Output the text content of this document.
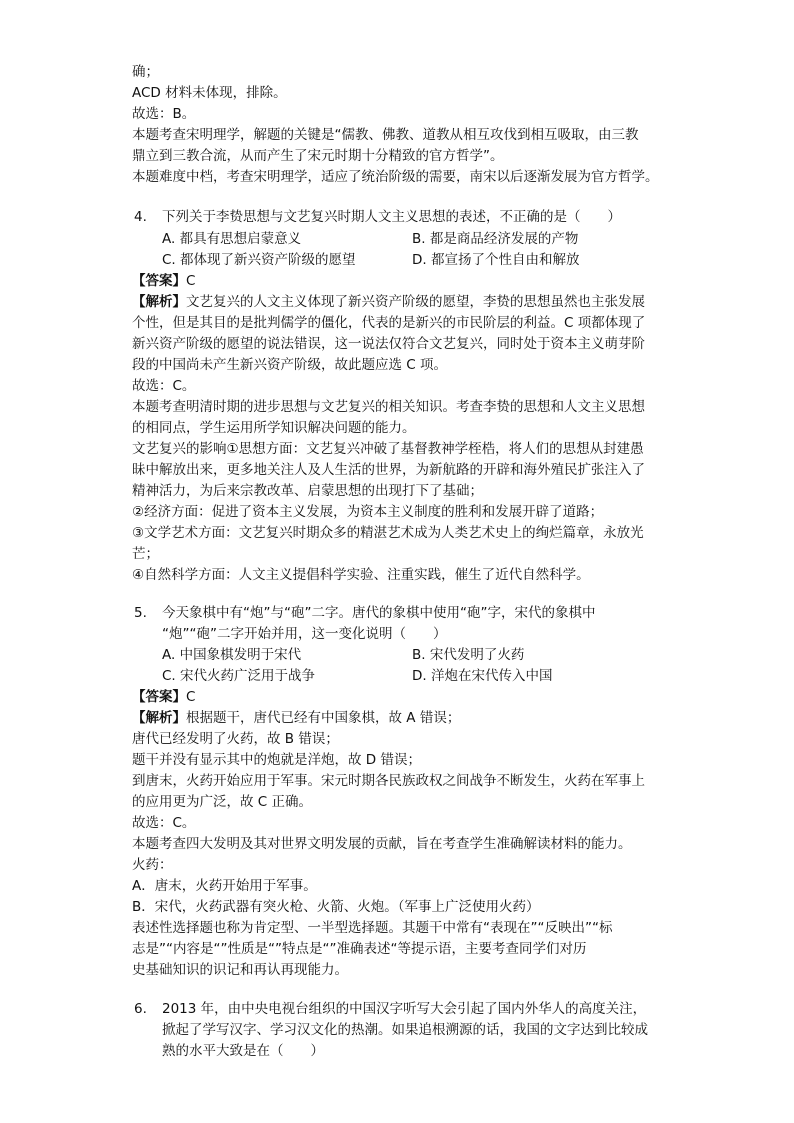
确；
ACD 材料未体现，排除。
故选：B。
本题考查宋明理学，解题的关键是“儒教、佛教、道教从相互攻伐到相互吸取，由三教
鼎立到三教合流，从而产生了宋元时期十分精致的官方哲学”。
本题难度中档，考查宋明理学，适应了统治阶级的需要，南宋以后逐渐发展为官方哲学。
4. 下列关于李贽思想与文艺复兴时期人文主义思想的表述，不正确的是（　　）
A. 都具有思想启蒙意义	B. 都是商品经济发展的产物
C. 都体现了新兴资产阶级的愿望	D. 都宣扬了个性自由和解放
【答案】C
【解析】文艺复兴的人文主义体现了新兴资产阶级的愿望，李贽的思想虽然也主张发展
个性，但是其目的是批判儒学的僵化，代表的是新兴的市民阶层的利益。C 项都体现了
新兴资产阶级的愿望的说法错误，这一说法仅符合文艺复兴，同时处于资本主义萌芽阶
段的中国尚未产生新兴资产阶级，故此题应选 C 项。
故选：C。
本题考查明清时期的进步思想与文艺复兴的相关知识。考查李贽的思想和人文主义思想
的相同点，学生运用所学知识解决问题的能力。
文艺复兴的影响①思想方面：文艺复兴冲破了基督教神学桎梏，将人们的思想从封建愚
昧中解放出来，更多地关注人及人生活的世界，为新航路的开辟和海外殖民扩张注入了
精神活力，为后来宗教改革、启蒙思想的出现打下了基础；
②经济方面：促进了资本主义发展，为资本主义制度的胜利和发展开辟了道路；
③文学艺术方面：文艺复兴时期众多的精湛艺术成为人类艺术史上的绚烂篇章，永放光
芒；
④自然科学方面：人文主义提倡科学实验、注重实践，催生了近代自然科学。
5. 今天象棋中有“炮”与“砲”二字。唐代的象棋中使用“砲”字，宋代的象棋中
“炮”“砲”二字开始并用，这一变化说明（　　）
A. 中国象棋发明于宋代	B. 宋代发明了火药
C. 宋代火药广泛用于战争	D. 洋炮在宋代传入中国
【答案】C
【解析】根据题干，唐代已经有中国象棋，故 A 错误；
唐代已经发明了火药，故 B 错误；
题干并没有显示其中的炮就是洋炮，故 D 错误；
到唐末，火药开始应用于军事。宋元时期各民族政权之间战争不断发生，火药在军事上
的应用更为广泛，故 C 正确。
故选：C。
本题考查四大发明及其对世界文明发展的贡献，旨在考查学生准确解读材料的能力。
火药：
A．唐末，火药开始用于军事。
B．宋代，火药武器有突火枪、火箭、火炮。（军事上广泛使用火药）
表述性选择题也称为肯定型、一半型选择题。其题干中常有“表现在”“反映出”“标
志是”“内容是“”性质是“”特点是“”准确表述“等提示语，主要考查同学们对历
史基础知识的识记和再认再现能力。
6. 2013 年，由中央电视台组织的中国汉字听写大会引起了国内外华人的高度关注，
掀起了学写汉字、学习汉文化的热潮。如果追根溯源的话，我国的文字达到比较成
熟的水平大致是在（　　）
